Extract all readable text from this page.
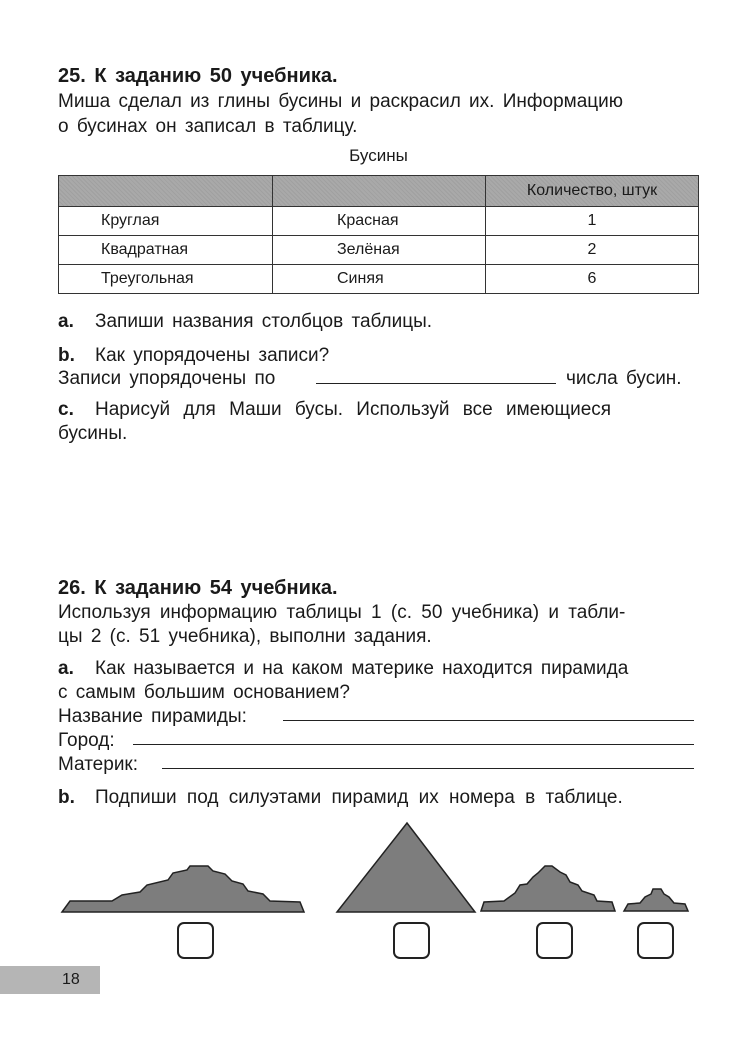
25. К заданию 50 учебника.
Миша сделал из глины бусины и раскрасил их. Информацию
о бусинах он записал в таблицу.
Бусины
		Количество, штук
Круглая	Красная	1
Квадратная	Зелёная	2
Треугольная	Синяя	6
a. Запиши названия столбцов таблицы.
b. Как упорядочены записи?
Записи упорядочены по	числа бусин.
c. Нарисуй для Маши бусы. Используй все имеющиеся
бусины.
26. К заданию 54 учебника.
Используя информацию таблицы 1 (с. 50 учебника) и табли-
цы 2 (с. 51 учебника), выполни задания.
a. Как называется и на каком материке находится пирамида
с самым большим основанием?
Название пирамиды:
Город:
Материк:
b. Подпиши под силуэтами пирамид их номера в таблице.
18
